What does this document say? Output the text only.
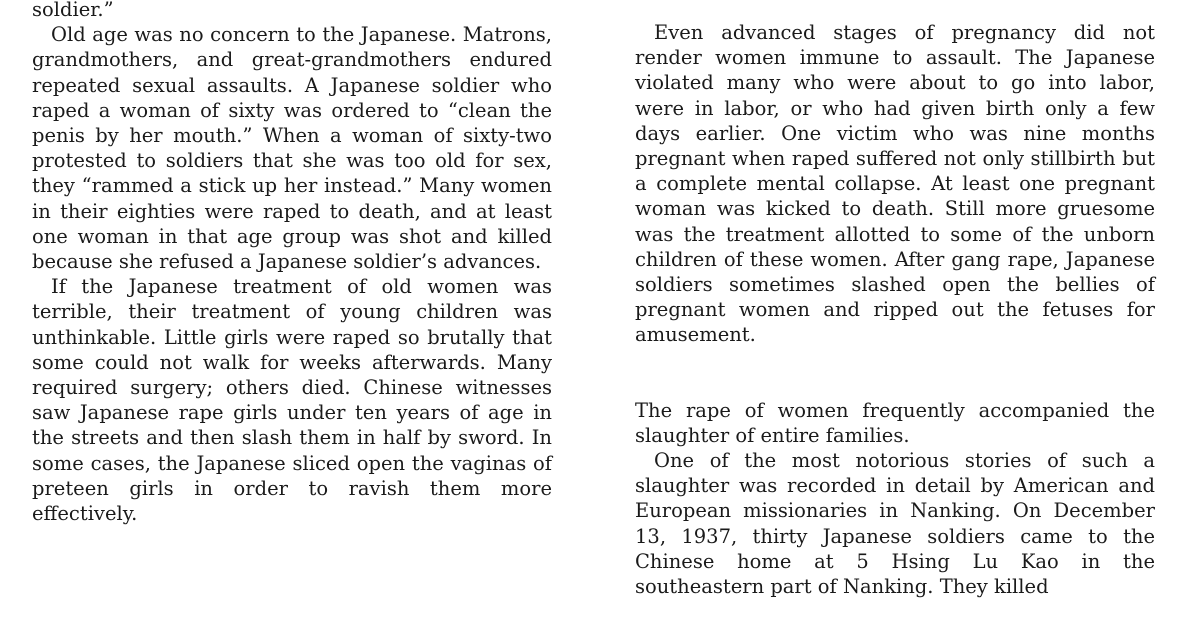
soldier.”

Old age was no concern to the Japanese. Matrons, grandmothers, and great-grandmothers endured repeated sexual assaults. A Japanese soldier who raped a woman of sixty was ordered to “clean the penis by her mouth.” When a woman of sixty-two protested to soldiers that she was too old for sex, they “rammed a stick up her instead.” Many women in their eighties were raped to death, and at least one woman in that age group was shot and killed because she refused a Japanese soldier’s advances.

If the Japanese treatment of old women was terrible, their treatment of young children was unthinkable. Little girls were raped so brutally that some could not walk for weeks afterwards. Many required surgery; others died. Chinese witnesses saw Japanese rape girls under ten years of age in the streets and then slash them in half by sword. In some cases, the Japanese sliced open the vaginas of preteen girls in order to ravish them more effectively.

Even advanced stages of pregnancy did not render women immune to assault. The Japanese violated many who were about to go into labor, were in labor, or who had given birth only a few days earlier. One victim who was nine months pregnant when raped suffered not only stillbirth but a complete mental collapse. At least one pregnant woman was kicked to death. Still more gruesome was the treatment allotted to some of the unborn children of these women. After gang rape, Japanese soldiers sometimes slashed open the bellies of pregnant women and ripped out the fetuses for amusement.

The rape of women frequently accompanied the slaughter of entire families.

One of the most notorious stories of such a slaughter was recorded in detail by American and European missionaries in Nanking. On December 13, 1937, thirty Japanese soldiers came to the Chinese home at 5 Hsing Lu Kao in the southeastern part of Nanking. They killed
